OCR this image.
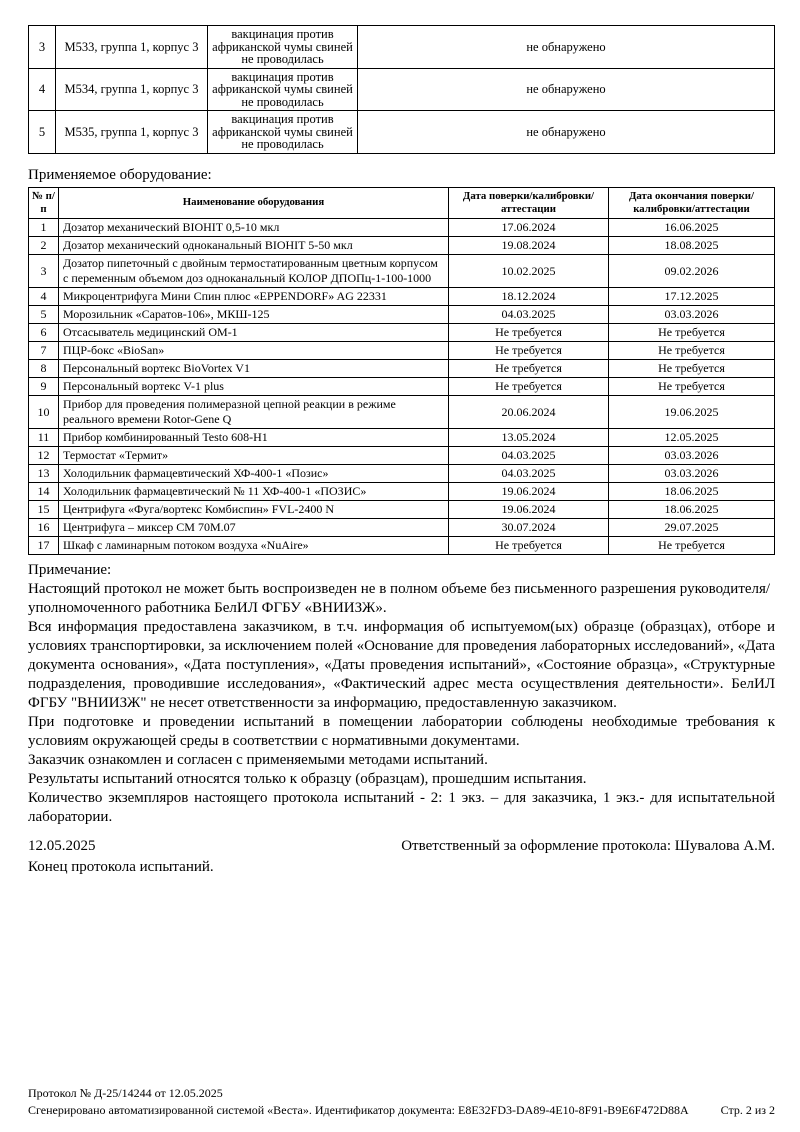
3	М533, группа 1, корпус 3	вакцинация против африканской чумы свиней не проводилась	не обнаружено
4	М534, группа 1, корпус 3	вакцинация против африканской чумы свиней не проводилась	не обнаружено
5	М535, группа 1, корпус 3	вакцинация против африканской чумы свиней не проводилась	не обнаружено
Применяемое оборудование:
№ п/п	Наименование оборудования	Дата поверки/калибровки/аттестации	Дата окончания поверки/калибровки/аттестации
1	Дозатор механический BIOHIT 0,5-10 мкл	17.06.2024	16.06.2025
2	Дозатор механический одноканальный BIOHIT 5-50 мкл	19.08.2024	18.08.2025
3	Дозатор пипеточный с двойным термостатированным цветным корпусом с переменным объемом доз одноканальный КОЛОР ДПОПц-1-100-1000	10.02.2025	09.02.2026
4	Микроцентрифуга Мини Спин плюс «EPPENDORF» AG 22331	18.12.2024	17.12.2025
5	Морозильник «Саратов-106», МКШ-125	04.03.2025	03.03.2026
6	Отсасыватель медицинский ОМ-1	Не требуется	Не требуется
7	ПЦР-бокс «BioSan»	Не требуется	Не требуется
8	Персональный вортекс BioVortex V1	Не требуется	Не требуется
9	Персональный вортекс V-1 plus	Не требуется	Не требуется
10	Прибор для проведения полимеразной цепной реакции в режиме реального времени Rotor-Gene Q	20.06.2024	19.06.2025
11	Прибор комбинированный Testo 608-H1	13.05.2024	12.05.2025
12	Термостат «Термит»	04.03.2025	03.03.2026
13	Холодильник фармацевтический ХФ-400-1 «Позис»	04.03.2025	03.03.2026
14	Холодильник фармацевтический № 11 ХФ-400-1 «ПОЗИС»	19.06.2024	18.06.2025
15	Центрифуга «Фуга/вортекс Комбиспин» FVL-2400 N	19.06.2024	18.06.2025
16	Центрифуга – миксер СМ 70М.07	30.07.2024	29.07.2025
17	Шкаф с ламинарным потоком воздуха «NuAire»	Не требуется	Не требуется
Примечание:

Настоящий протокол не может быть воспроизведен не в полном объеме без письменного разрешения руководителя/уполномоченного работника БелИЛ ФГБУ «ВНИИЗЖ».

Вся информация предоставлена заказчиком, в т.ч. информация об испытуемом(ых) образце (образцах), отборе и условиях транспортировки, за исключением полей «Основание для проведения лабораторных исследований», «Дата документа основания», «Дата поступления», «Даты проведения испытаний», «Состояние образца», «Структурные подразделения, проводившие исследования», «Фактический адрес места осуществления деятельности». БелИЛ ФГБУ "ВНИИЗЖ" не несет ответственности за информацию, предоставленную заказчиком.

При подготовке и проведении испытаний в помещении лаборатории соблюдены необходимые требования к условиям окружающей среды в соответствии с нормативными документами.

Заказчик ознакомлен и согласен с применяемыми методами испытаний.

Результаты испытаний относятся только к образцу (образцам), прошедшим испытания.

Количество экземпляров настоящего протокола испытаний - 2: 1 экз. – для заказчика, 1 экз.- для испытательной лаборатории.

12.05.2025	Ответственный за оформление протокола: Шувалова А.М.
Конец протокола испытаний.
Протокол № Д-25/14244 от 12.05.2025
Сгенерировано автоматизированной системой «Веста». Идентификатор документа: E8E32FD3-DA89-4E10-8F91-B9E6F472D88A	Стр. 2 из 2
